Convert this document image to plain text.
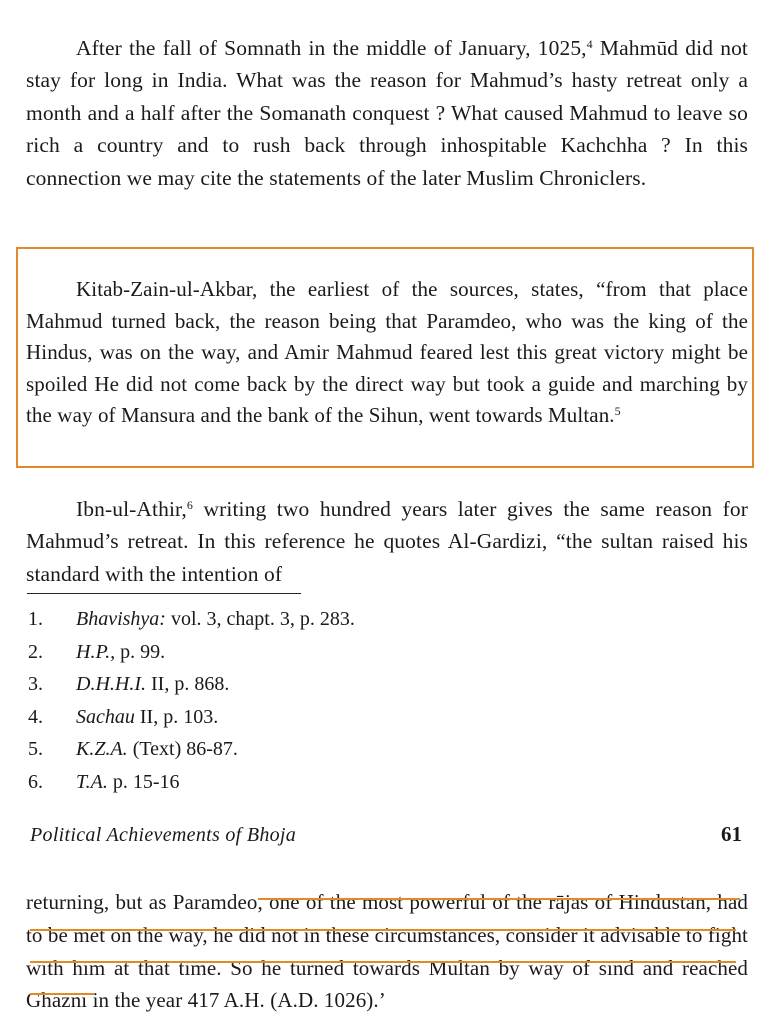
After the fall of Somnath in the middle of January, 1025,$^4$ Mahmūd did not stay for long in India. What was the reason for Mahmud’s hasty retreat only a month and a half after the Somanath conquest ? What caused Mahmud to leave so rich a country and to rush back through inhospitable Kachchha ? In this connection we may cite the statements of the later Muslim Chroniclers.

Kitab-Zain-ul-Akbar, the earliest of the sources, states, “from that place Mahmud turned back, the reason being that Paramdeo, who was the king of the Hindus, was on the way, and Amir Mahmud feared lest this great victory might be spoiled He did not come back by the direct way but took a guide and marching by the way of Mansura and the bank of the Sihun, went towards Multan.$^5$

Ibn-ul-Athir,$^6$ writing two hundred years later gives the same reason for Mahmud’s retreat. In this reference he quotes Al-Gardizi, “the sultan raised his standard with the intention of

1.	Bhavishya: vol. 3, chapt. 3, p. 283.
2.	H.P., p. 99.
3.	D.H.H.I. II, p. 868.
4.	Sachau II, p. 103.
5.	K.Z.A. (Text) 86-87.
6.	T.A. p. 15-16
Political Achievements of Bhoja	61

returning, but as Paramdeo, one of the most powerful of the rājas of Hindustan, had to be met on the way, he did not in these circumstances, consider it advisable to fight with him at that time. So he turned towards Multan by way of sind and reached Ghazni in the year 417 A.H. (A.D. 1026).’
